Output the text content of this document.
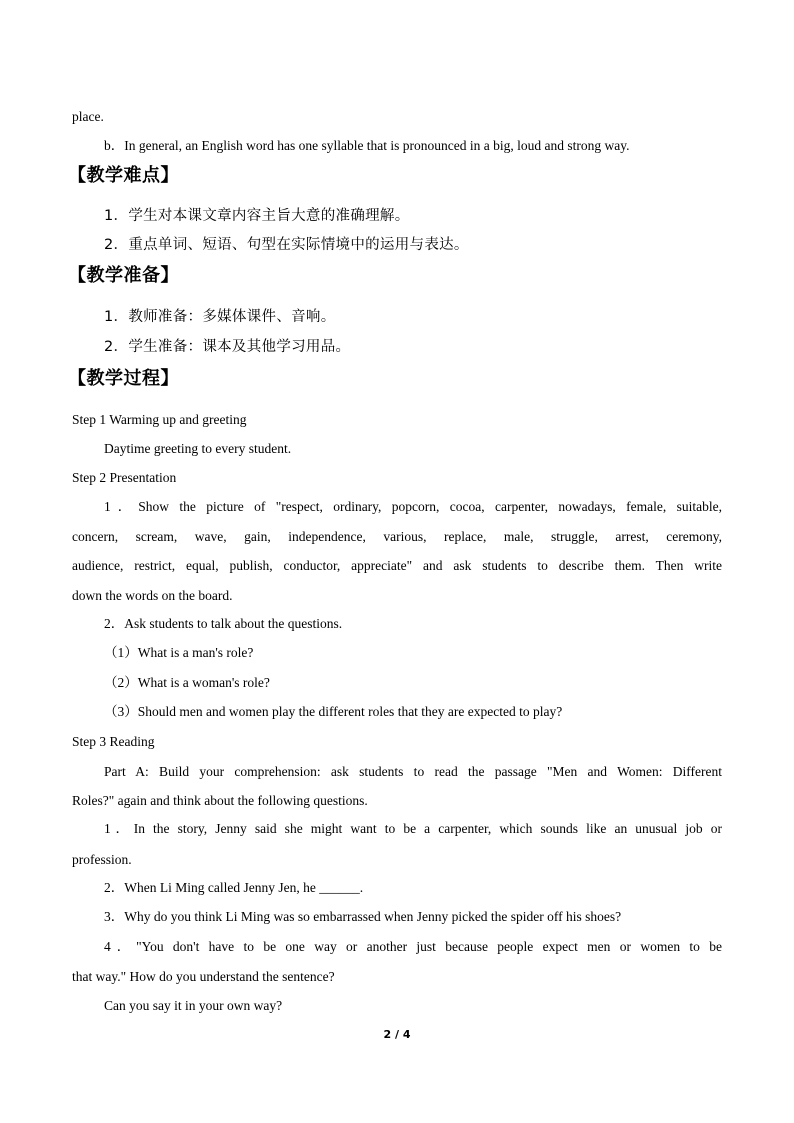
place.
b．In general, an English word has one syllable that is pronounced in a big, loud and strong way.
【教学难点】
1．学生对本课文章内容主旨大意的准确理解。
2．重点单词、短语、句型在实际情境中的运用与表达。
【教学准备】
1．教师准备：多媒体课件、音响。
2．学生准备：课本及其他学习用品。
【教学过程】
Step 1 Warming up and greeting
Daytime greeting to every student.
Step 2 Presentation
1．Show the picture of "respect, ordinary, popcorn, cocoa, carpenter, nowadays, female, suitable,
concern, scream, wave, gain, independence, various, replace, male, struggle, arrest, ceremony,
audience, restrict, equal, publish, conductor, appreciate" and ask students to describe them. Then write
down the words on the board.
2．Ask students to talk about the questions.
（1）What is a man's role?
（2）What is a woman's role?
（3）Should men and women play the different roles that they are expected to play?
Step 3 Reading
Part A: Build your comprehension: ask students to read the passage "Men and Women: Different
Roles?" again and think about the following questions.
1．In the story, Jenny said she might want to be a carpenter, which sounds like an unusual job or
profession.
2．When Li Ming called Jenny Jen, he ______.
3．Why do you think Li Ming was so embarrassed when Jenny picked the spider off his shoes?
4．"You don't have to be one way or another just because people expect men or women to be
that way." How do you understand the sentence?
Can you say it in your own way?
2 / 4
